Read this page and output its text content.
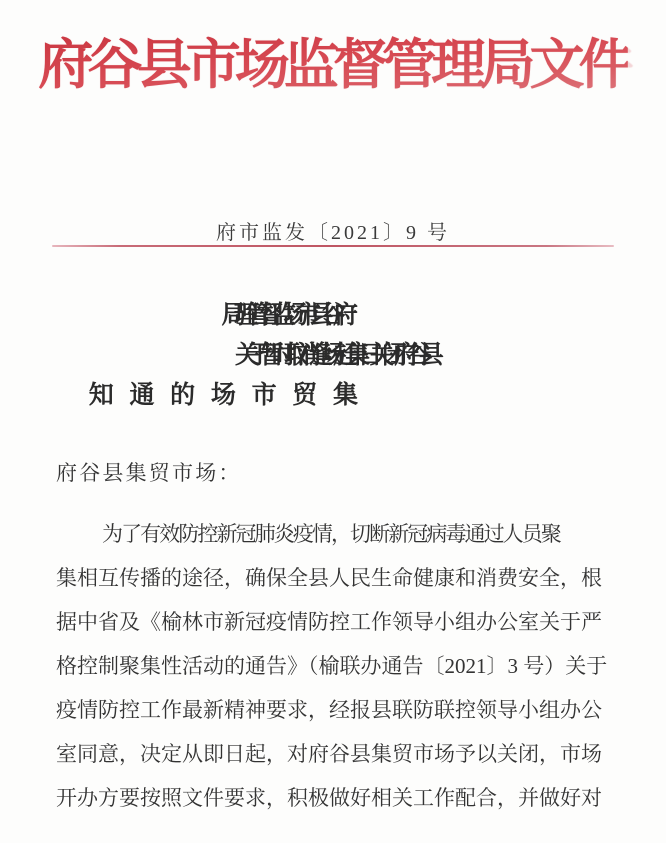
府谷县市场监督管理局文件
府市监发〔2021〕9 号
关于暂时取消逢场赶集日关闭府谷县
府谷县集贸市场：
为了有效防控新冠肺炎疫情，切断新冠病毒通过人员聚
集相互传播的途径，确保全县人民生命健康和消费安全，根
据中省及《榆林市新冠疫情防控工作领导小组办公室关于严
格控制聚集性活动的通告》（榆联办通告〔2021〕3 号）关于
疫情防控工作最新精神要求，经报县联防联控领导小组办公
室同意，决定从即日起，对府谷县集贸市场予以关闭，市场
开办方要按照文件要求，积极做好相关工作配合，并做好对
